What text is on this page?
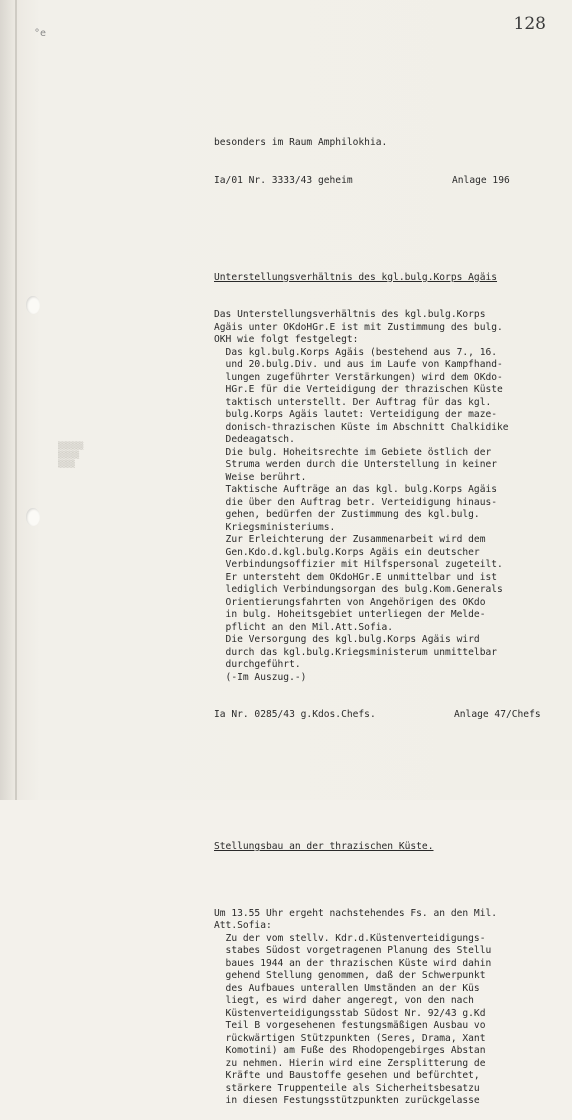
°e
▒▒▒▒▒▒
▒▒▒▒▒
▒▒▒▒
128

besonders im Raum Amphilokhia.

Ia/01 Nr. 3333/43 geheim	Anlage 196

Unterstellungsverhältnis des kgl.bulg.Korps Ägäis

Das Unterstellungsverhältnis des kgl.bulg.Korps
Ägäis unter OKdoHGr.E ist mit Zustimmung des bulg.
OKH wie folgt festgelegt:
Das kgl.bulg.Korps Ägäis (bestehend aus 7., 16.
und 20.bulg.Div. und aus im Laufe von Kampfhand-
lungen zugeführter Verstärkungen) wird dem OKdo-
HGr.E für die Verteidigung der thrazischen Küste
taktisch unterstellt. Der Auftrag für das kgl.
bulg.Korps Ägäis lautet: Verteidigung der maze-
donisch-thrazischen Küste im Abschnitt Chalkidike
Dedeagatsch.
Die bulg. Hoheitsrechte im Gebiete östlich der
Struma werden durch die Unterstellung in keiner
Weise berührt.
Taktische Aufträge an das kgl. bulg.Korps Ägäis
die über den Auftrag betr. Verteidigung hinaus-
gehen, bedürfen der Zustimmung des kgl.bulg.
Kriegsministeriums.
Zur Erleichterung der Zusammenarbeit wird dem
Gen.Kdo.d.kgl.bulg.Korps Ägäis ein deutscher
Verbindungsoffizier mit Hilfspersonal zugeteilt.
Er untersteht dem OKdoHGr.E unmittelbar und ist
lediglich Verbindungsorgan des bulg.Kom.Generals
Orientierungsfahrten von Angehörigen des OKdo
in bulg. Hoheitsgebiet unterliegen der Melde-
pflicht an den Mil.Att.Sofia.
Die Versorgung des kgl.bulg.Korps Ägäis wird
durch das kgl.bulg.Kriegsministerum unmittelbar
durchgeführt.
(-Im Auszug.-)

Ia Nr. 0285/43 g.Kdos.Chefs.	Anlage 47/Chefs

Stellungsbau an der thrazischen Küste.

Um 13.55 Uhr ergeht nachstehendes Fs. an den Mil.
Att.Sofia:
Zu der vom stellv. Kdr.d.Küstenverteidigungs-
stabes Südost vorgetragenen Planung des Stellu
baues 1944 an der thrazischen Küste wird dahin
gehend Stellung genommen, daß der Schwerpunkt
des Aufbaues unterallen Umständen an der Küs
liegt, es wird daher angeregt, von den nach
Küstenverteidigungsstab Südost Nr. 92/43 g.Kd
Teil B vorgesehenen festungsmäßigen Ausbau vo
rückwärtigen Stützpunkten (Seres, Drama, Xant
Komotini) am Fuße des Rhodopengebirges Abstan
zu nehmen. Hierin wird eine Zersplitterung de
Kräfte und Baustoffe gesehen und befürchtet,
stärkere Truppenteile als Sicherheitsbesatzu
in diesen Festungsstützpunkten zurückgelasse
